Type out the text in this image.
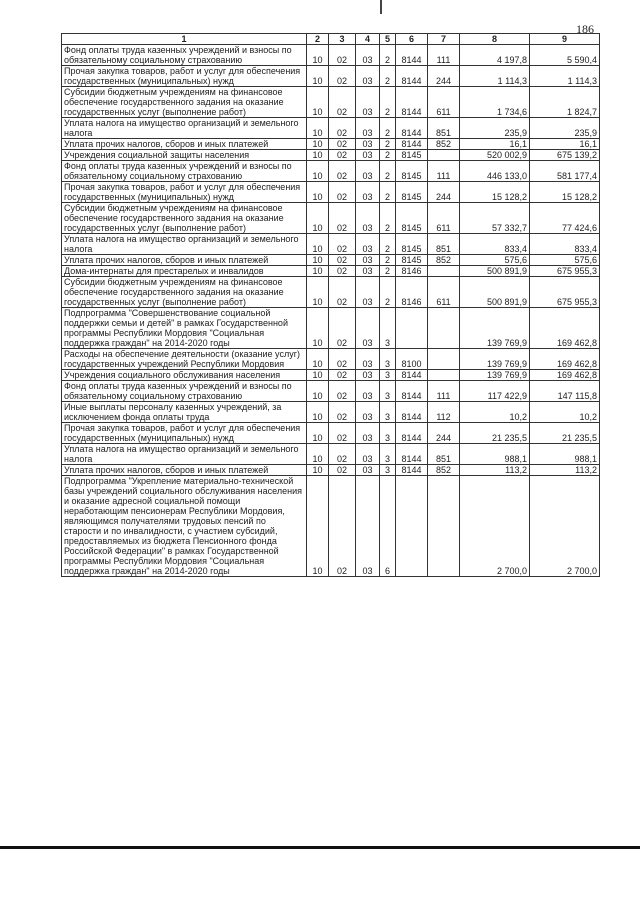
186
1	2	3	4	5	6	7	8	9
Фонд оплаты труда казенных учреждений и взносы по обязательному социальному страхованию	10	02	03	2	8144	111	4 197,8	5 590,4
Прочая закупка товаров, работ и услуг для обеспечения государственных (муниципальных) нужд	10	02	03	2	8144	244	1 114,3	1 114,3
Субсидии бюджетным учреждениям на финансовое обеспечение государственного задания на оказание государственных услуг (выполнение работ)	10	02	03	2	8144	611	1 734,6	1 824,7
Уплата налога на имущество организаций и земельного налога	10	02	03	2	8144	851	235,9	235,9
Уплата прочих налогов, сборов и иных платежей	10	02	03	2	8144	852	16,1	16,1
Учреждения социальной защиты населения	10	02	03	2	8145		520 002,9	675 139,2
Фонд оплаты труда казенных учреждений и взносы по обязательному социальному страхованию	10	02	03	2	8145	111	446 133,0	581 177,4
Прочая закупка товаров, работ и услуг для обеспечения государственных (муниципальных) нужд	10	02	03	2	8145	244	15 128,2	15 128,2
Субсидии бюджетным учреждениям на финансовое обеспечение государственного задания на оказание государственных услуг (выполнение работ)	10	02	03	2	8145	611	57 332,7	77 424,6
Уплата налога на имущество организаций и земельного налога	10	02	03	2	8145	851	833,4	833,4
Уплата прочих налогов, сборов и иных платежей	10	02	03	2	8145	852	575,6	575,6
Дома-интернаты для престарелых и инвалидов	10	02	03	2	8146		500 891,9	675 955,3
Субсидии бюджетным учреждениям на финансовое обеспечение государственного задания на оказание государственных услуг (выполнение работ)	10	02	03	2	8146	611	500 891,9	675 955,3
Подпрограмма "Совершенствование социальной поддержки семьи и детей" в рамках Государственной программы Республики Мордовия "Социальная поддержка граждан" на 2014-2020 годы	10	02	03	3			139 769,9	169 462,8
Расходы на обеспечение деятельности (оказание услуг) государственных учреждений Республики Мордовия	10	02	03	3	8100		139 769,9	169 462,8
Учреждения социального обслуживания населения	10	02	03	3	8144		139 769,9	169 462,8
Фонд оплаты труда казенных учреждений и взносы по обязательному социальному страхованию	10	02	03	3	8144	111	117 422,9	147 115,8
Иные выплаты персоналу казенных учреждений, за исключением фонда оплаты труда	10	02	03	3	8144	112	10,2	10,2
Прочая закупка товаров, работ и услуг для обеспечения государственных (муниципальных) нужд	10	02	03	3	8144	244	21 235,5	21 235,5
Уплата налога на имущество организаций и земельного налога	10	02	03	3	8144	851	988,1	988,1
Уплата прочих налогов, сборов и иных платежей	10	02	03	3	8144	852	113,2	113,2
Подпрограмма "Укрепление материально-технической базы учреждений социального обслуживания населения и оказание адресной социальной помощи неработающим пенсионерам Республики Мордовия, являющимся получателями трудовых пенсий по старости и по инвалидности, с участием субсидий, предоставляемых из бюджета Пенсионного фонда Российской Федерации" в рамках Государственной программы Республики Мордовия "Социальная поддержка граждан" на 2014-2020 годы	10	02	03	6			2 700,0	2 700,0
